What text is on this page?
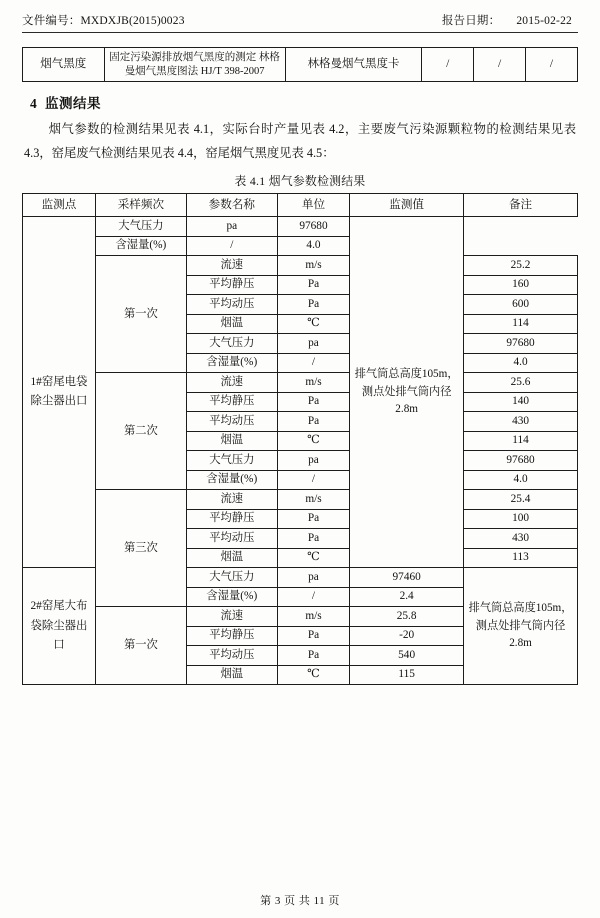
文件编号：MXDXJB(2015)0023	报告日期： 2015-02-22
烟气黑度	固定污染源排放烟气黑度的测定 林格曼烟气黑度图法 HJ/T 398-2007	林格曼烟气黑度卡	/	/	/
4 监测结果
烟气参数的检测结果见表 4.1，实际台时产量见表 4.2，主要废气污染源颗粒物的检测结果见表 4.3，窑尾废气检测结果见表 4.4，窑尾烟气黑度见表 4.5：
表 4.1 烟气参数检测结果
监测点	采样频次	参数名称	单位	监测值	备注
1#窑尾电袋除尘器出口	大气压力	pa	97680	排气筒总高度105m，测点处排气筒内径2.8m	
	含湿量(%)	/	4.0		
	第一次	流速	m/s		25.2
		平均静压	Pa		160
		平均动压	Pa		600
		烟温	℃		114
		大气压力	pa		97680
		含湿量(%)	/		4.0
	第二次	流速	m/s		25.6
		平均静压	Pa		140
		平均动压	Pa		430
		烟温	℃		114
		大气压力	pa		97680
		含湿量(%)	/		4.0
	第三次	流速	m/s		25.4
		平均静压	Pa		100
		平均动压	Pa		430
		烟温	℃		113
2#窑尾大布袋除尘器出口		大气压力	pa	97460	排气筒总高度105m，测点处排气筒内径2.8m
		含湿量(%)	/	2.4	
	第一次	流速	m/s	25.8	
		平均静压	Pa	-20	
		平均动压	Pa	540	
		烟温	℃	115	
第 3 页 共 11 页
